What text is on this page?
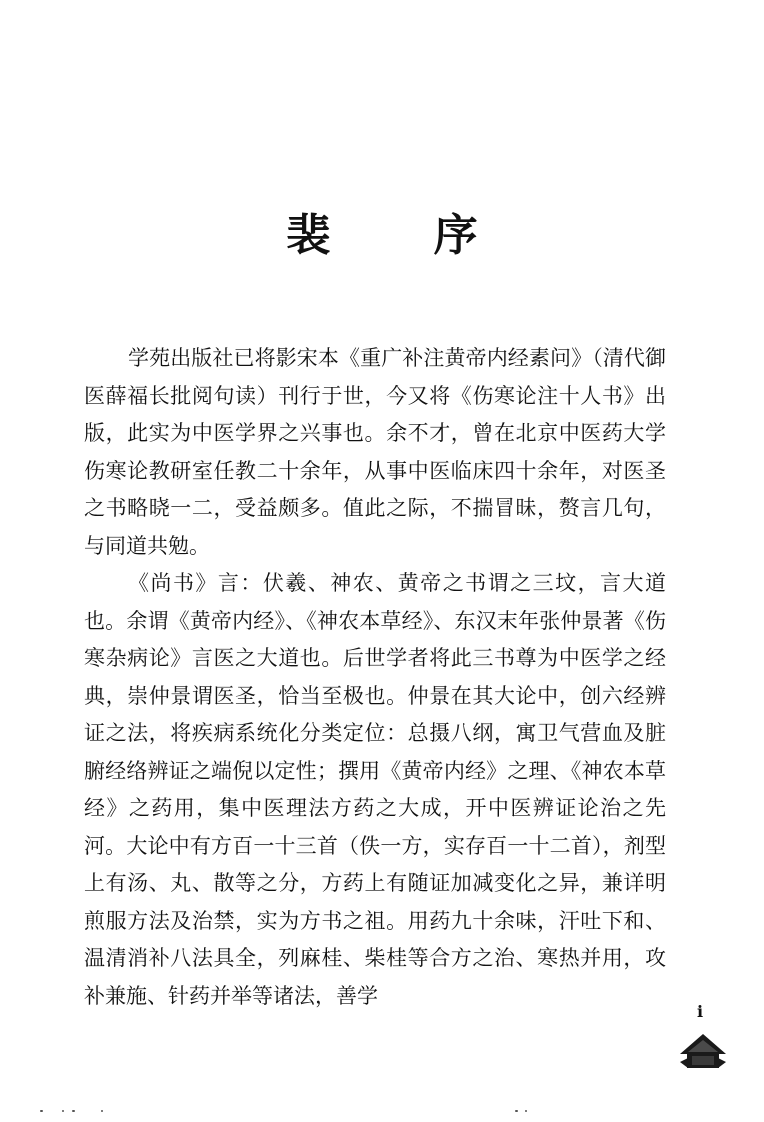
裴 序

学苑出版社已将影宋本《重广补注黄帝内经素问》（清代御医薛福长批阅句读）刊行于世，今又将《伤寒论注十人书》出版，此实为中医学界之兴事也。余不才，曾在北京中医药大学伤寒论教研室任教二十余年，从事中医临床四十余年，对医圣之书略晓一二，受益颇多。值此之际，不揣冒昧，赘言几句，与同道共勉。

《尚书》言：伏羲、神农、黄帝之书谓之三坟，言大道也。余谓《黄帝内经》、《神农本草经》、东汉末年张仲景著《伤寒杂病论》言医之大道也。后世学者将此三书尊为中医学之经典，崇仲景谓医圣，恰当至极也。仲景在其大论中，创六经辨证之法，将疾病系统化分类定位：总摄八纲，寓卫气营血及脏腑经络辨证之端倪以定性；撰用《黄帝内经》之理、《神农本草经》之药用，集中医理法方药之大成，开中医辨证论治之先河。大论中有方百一十三首（佚一方，实存百一十二首），剂型上有汤、丸、散等之分，方药上有随证加减变化之异，兼详明煎服方法及治禁，实为方书之祖。用药九十余味，汗吐下和、温清消补八法具全，列麻桂、柴桂等合方之治、寒热并用，攻补兼施、针药并举等诸法，善学

i
